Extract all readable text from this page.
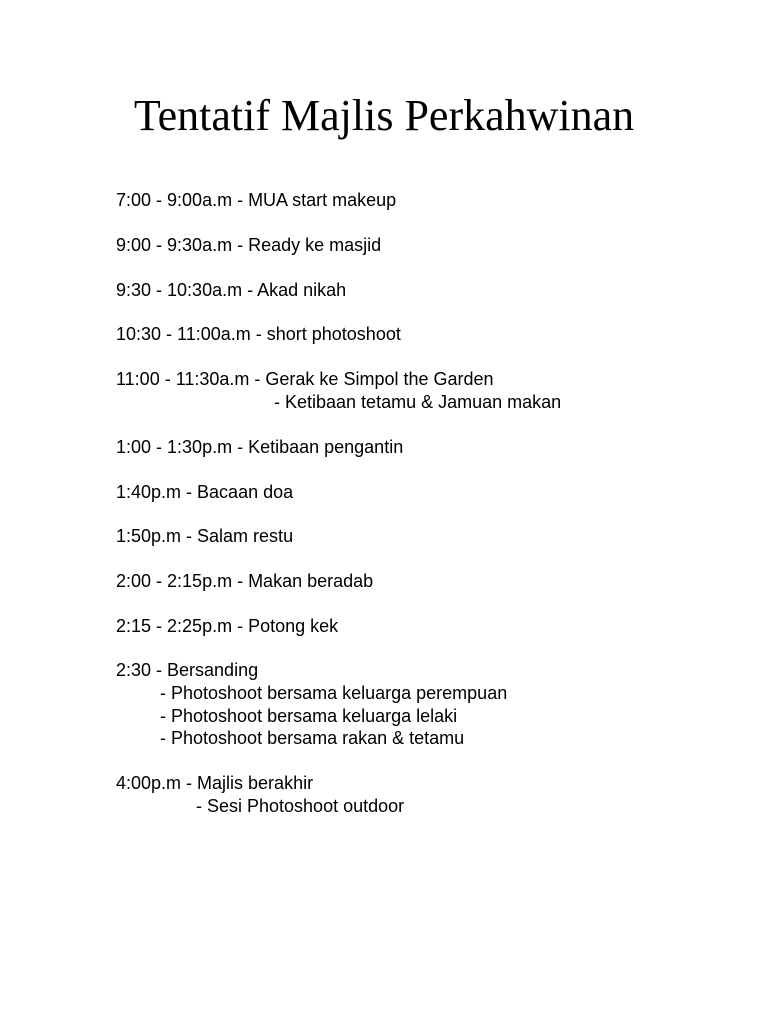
Tentatif Majlis Perkahwinan
7:00 - 9:00a.m - MUA start makeup
9:00 - 9:30a.m - Ready ke masjid
9:30 - 10:30a.m - Akad nikah
10:30 - 11:00a.m - short photoshoot
11:00 - 11:30a.m - Gerak ke Simpol the Garden
- Ketibaan tetamu & Jamuan makan
1:00 - 1:30p.m - Ketibaan pengantin
1:40p.m - Bacaan doa
1:50p.m - Salam restu
2:00 - 2:15p.m - Makan beradab
2:15 - 2:25p.m - Potong kek
2:30 - Bersanding
- Photoshoot bersama keluarga perempuan
- Photoshoot bersama keluarga lelaki
- Photoshoot bersama rakan & tetamu
4:00p.m - Majlis berakhir
- Sesi Photoshoot outdoor
